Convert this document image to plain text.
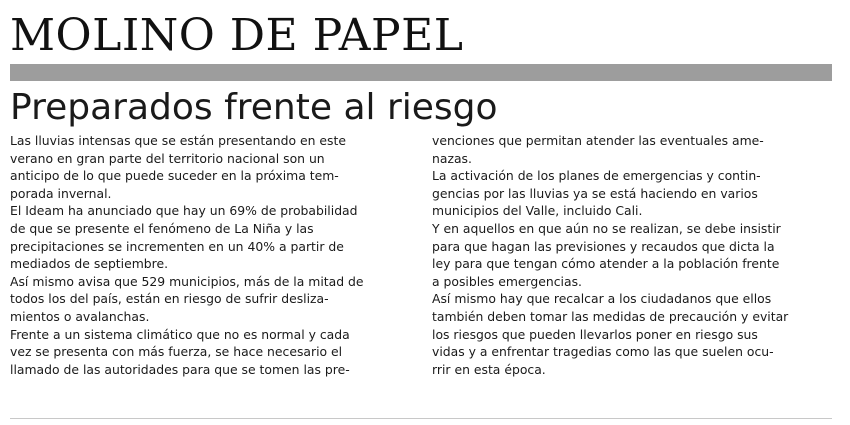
MOLINO DE PAPEL
Preparados frente al riesgo
Las lluvias intensas que se están presentando en este
verano en gran parte del territorio nacional son un
anticipo de lo que puede suceder en la próxima tem-
porada invernal.
El Ideam ha anunciado que hay un 69% de probabilidad
de que se presente el fenómeno de La Niña y las
precipitaciones se incrementen en un 40% a partir de
mediados de septiembre.
Así mismo avisa que 529 municipios, más de la mitad de
todos los del país, están en riesgo de sufrir desliza-
mientos o avalanchas.
Frente a un sistema climático que no es normal y cada
vez se presenta con más fuerza, se hace necesario el
llamado de las autoridades para que se tomen las pre-
venciones que permitan atender las eventuales ame-
nazas.
La activación de los planes de emergencias y contin-
gencias por las lluvias ya se está haciendo en varios
municipios del Valle, incluido Cali.
Y en aquellos en que aún no se realizan, se debe insistir
para que hagan las previsiones y recaudos que dicta la
ley para que tengan cómo atender a la población frente
a posibles emergencias.
Así mismo hay que recalcar a los ciudadanos que ellos
también deben tomar las medidas de precaución y evitar
los riesgos que pueden llevarlos poner en riesgo sus
vidas y a enfrentar tragedias como las que suelen ocu-
rrir en esta época.
